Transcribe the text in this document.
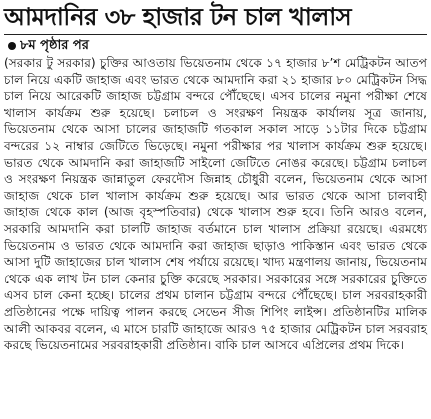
আমদানির ৩৮ হাজার টন চাল খালাস
৮ম পৃষ্ঠার পর

(সরকার টু সরকার) চুক্তির আওতায় ভিয়েতনাম থেকে ১৭ হাজার ৮’শ মেট্রিকটন আতপ চাল নিয়ে একটি জাহাজ এবং ভারত থেকে আমদানি করা ২১ হাজার ৮০ মেট্রিকটন সিদ্ধ চাল নিয়ে আরেকটি জাহাজ চট্টগ্রাম বন্দরে পৌঁছেছে। এসব চালের নমুনা পরীক্ষা শেষে খালাস কার্যক্রম শুরু হয়েছে। চলাচল ও সংরক্ষণ নিয়ন্ত্রক কার্যালয় সূত্র জানায়, ভিয়েতনাম থেকে আসা চালের জাহাজটি গতকাল সকাল সাড়ে ১১টার দিকে চট্টগ্রাম বন্দরের ১২ নাম্বার জেটিতে ভিড়েছে। নমুনা পরীক্ষার পর খালাস কার্যক্রম শুরু হয়েছে। ভারত থেকে আমদানি করা জাহাজটি সাইলো জেটিতে নোঙর করেছে। চট্টগ্রাম চলাচল ও সংরক্ষণ নিয়ন্ত্রক জান্নাতুল ফেরদৌস জিন্নাহ চৌধুরী বলেন, ভিয়েতনাম থেকে আসা জাহাজ থেকে চাল খালাস কার্যক্রম শুরু হয়েছে। আর ভারত থেকে আসা চালবাহী জাহাজ থেকে কাল (আজ বৃহস্পতিবার) থেকে খালাস শুরু হবে। তিনি আরও বলেন, সরকারি আমদানি করা চালটি জাহাজ বর্তমানে চাল খালাস প্রক্রিয়া রয়েছে। এরমধ্যে ভিয়েতনাম ও ভারত থেকে আমদানি করা জাহাজ ছাড়াও পাকিস্তান এবং ভারত থেকে আসা দুটি জাহাজের চাল খালাস শেষ পর্যায়ে রয়েছে। খাদ্য মন্ত্রণালয় জানায়, ভিয়েতনাম থেকে এক লাখ টন চাল কেনার চুক্তি করেছে সরকার। সরকারের সঙ্গে সরকারের চুক্তিতে এসব চাল কেনা হচ্ছে। চালের প্রথম চালান চট্টগ্রাম বন্দরে পৌঁছেছে। চাল সরবরাহকারী প্রতিষ্ঠানের পক্ষে দায়িত্ব পালন করছে সেভেন সীজ শিপিং লাইন্স। প্রতিষ্ঠানটির মালিক আলী আকবর বলেন, এ মাসে চারটি জাহাজে আরও ৭৫ হাজার মেট্রিকটন চাল সরবরাহ করছে ভিয়েতনামের সরবরাহকারী প্রতিষ্ঠান। বাকি চাল আসবে এপ্রিলের প্রথম দিকে।
